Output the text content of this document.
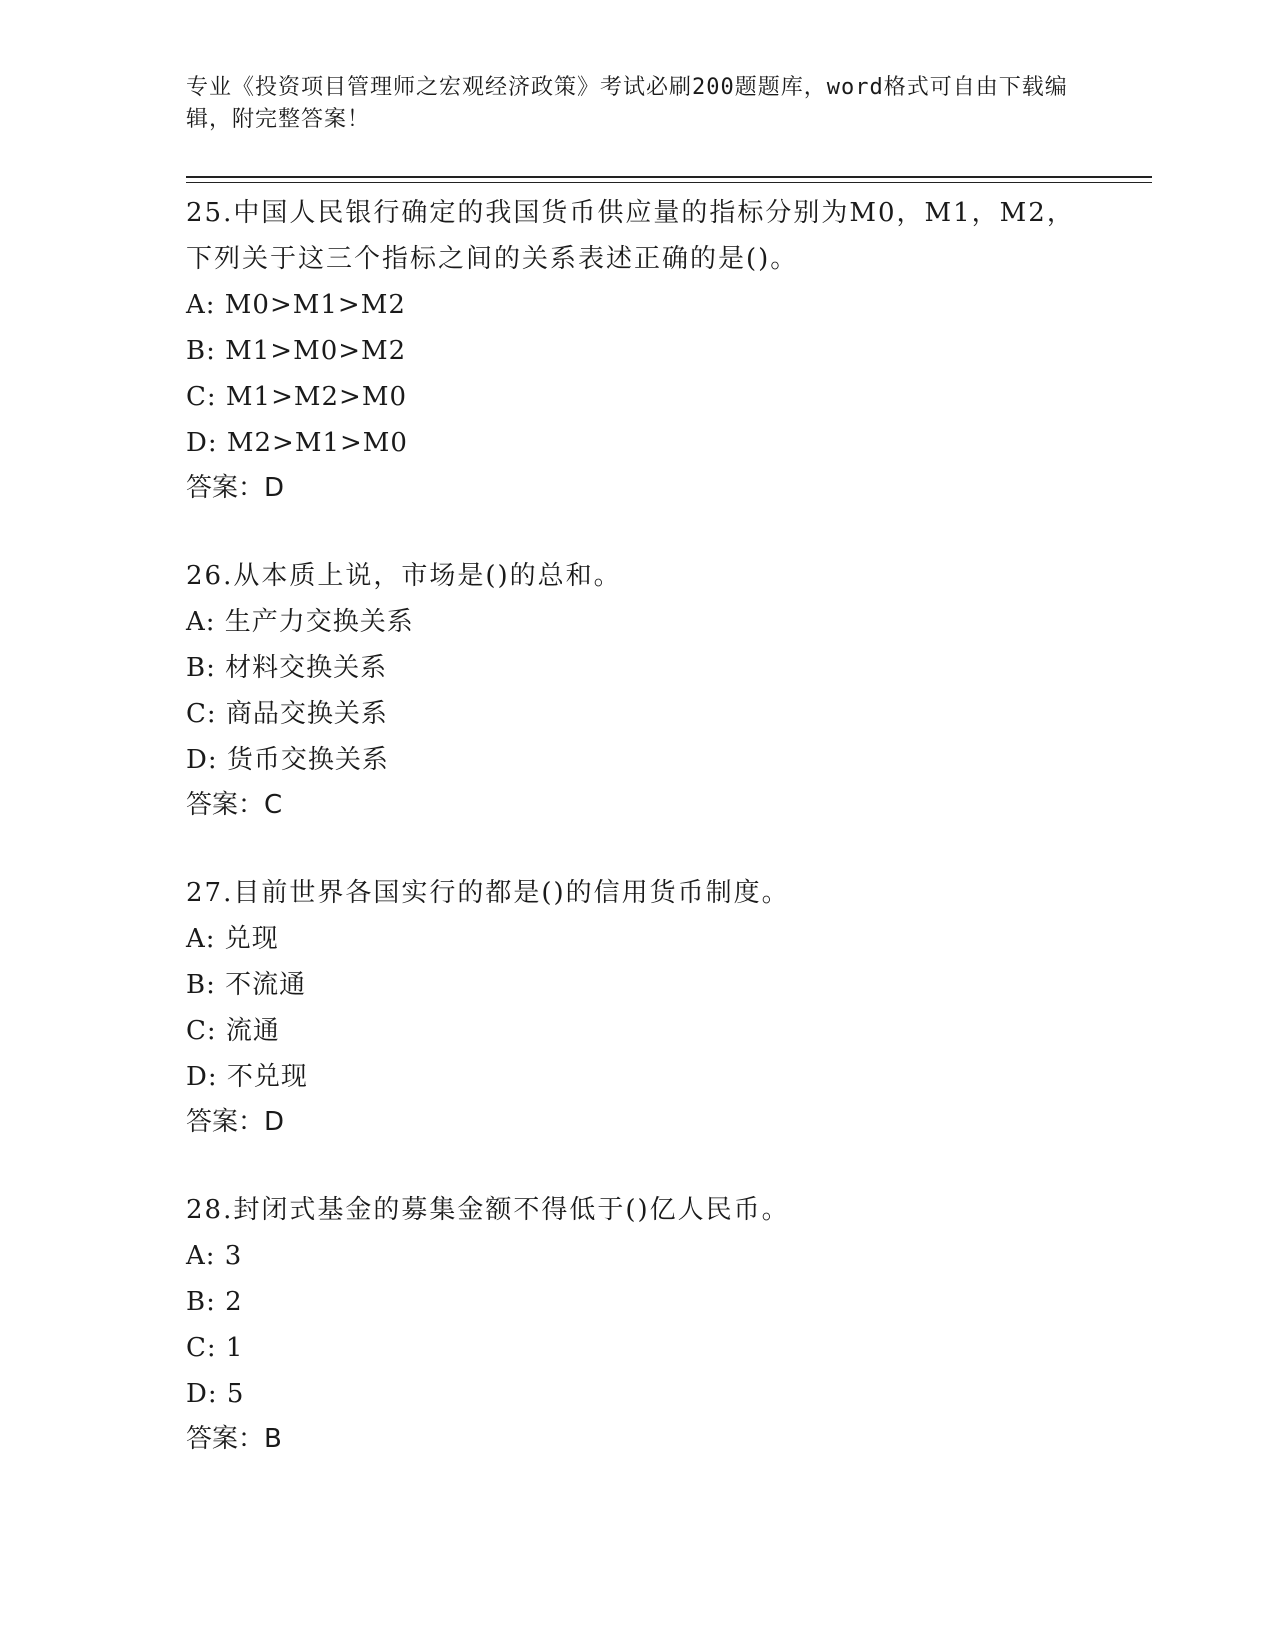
专业《投资项目管理师之宏观经济政策》考试必刷200题题库，word格式可自由下载编辑，附完整答案！

25.中国人民银行确定的我国货币供应量的指标分别为M0，M1，M2，下列关于这三个指标之间的关系表述正确的是()。

A: M0>M1>M2

B: M1>M0>M2

C: M1>M2>M0

D: M2>M1>M0

答案：D

26.从本质上说，市场是()的总和。

A: 生产力交换关系

B: 材料交换关系

C: 商品交换关系

D: 货币交换关系

答案：C

27.目前世界各国实行的都是()的信用货币制度。

A: 兑现

B: 不流通

C: 流通

D: 不兑现

答案：D

28.封闭式基金的募集金额不得低于()亿人民币。

A: 3

B: 2

C: 1

D: 5

答案：B
